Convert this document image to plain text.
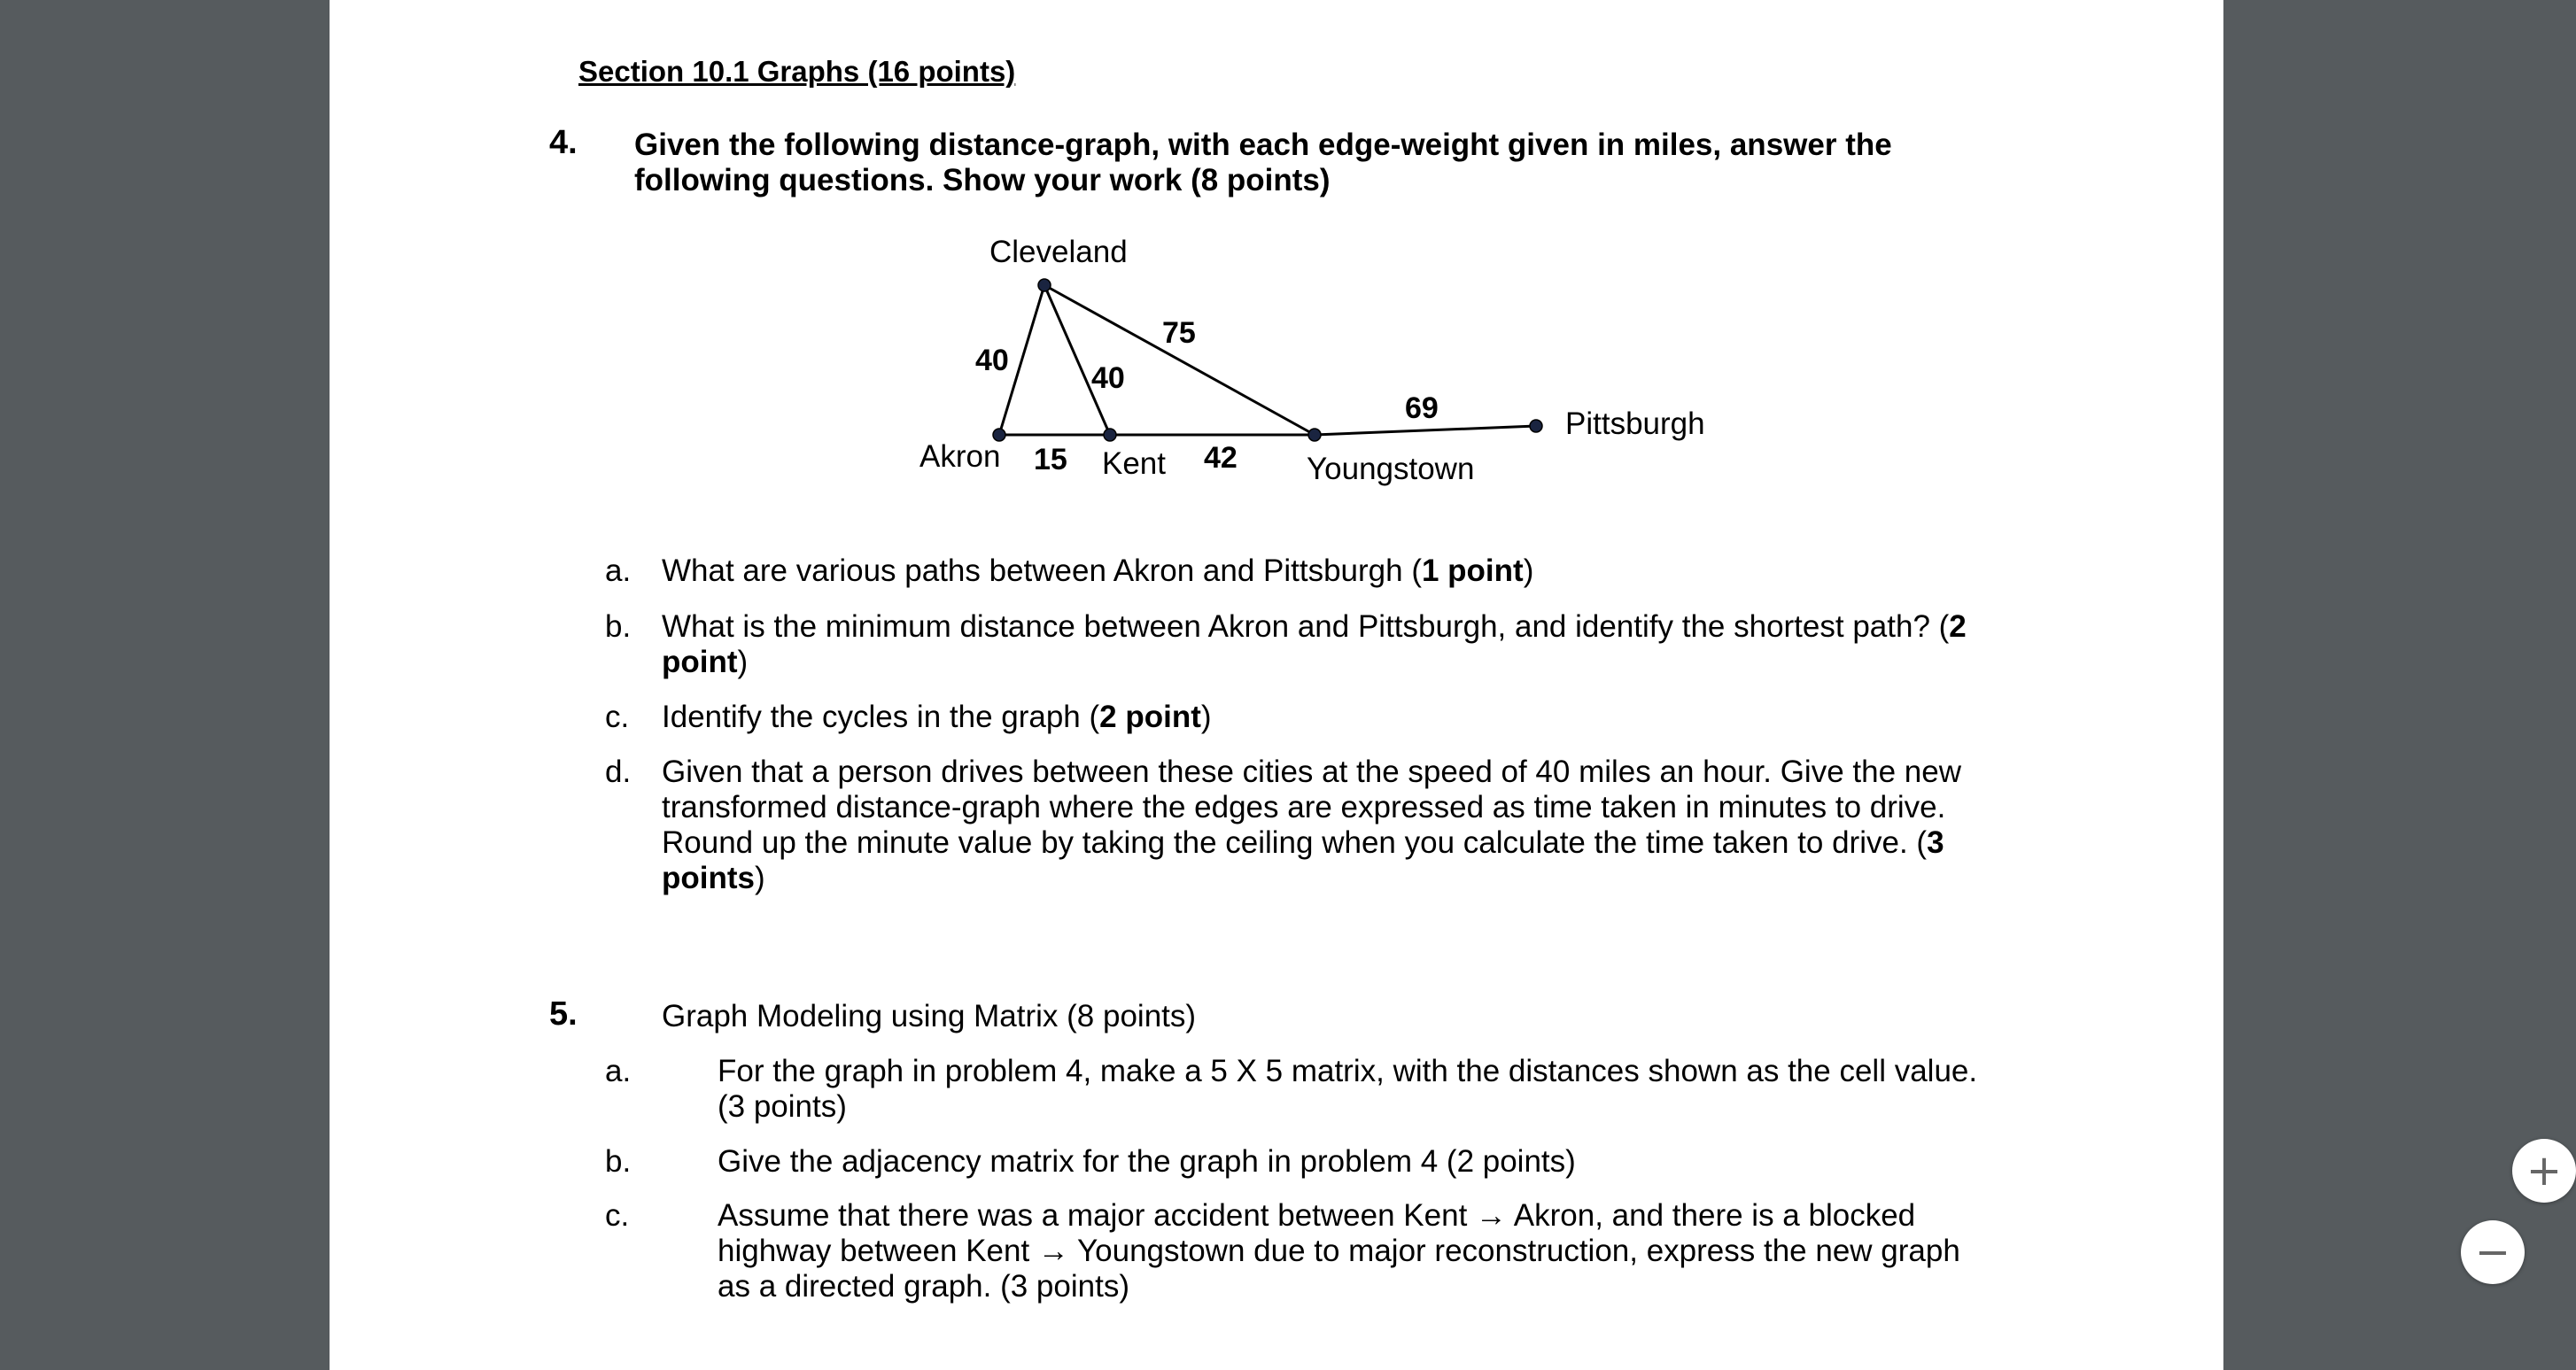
Section 10.1 Graphs (16 points)
4. Given the following distance-graph, with each edge-weight given in miles, answer the
following questions. Show your work (8 points)
Cleveland
Akron	Kent	Youngstown
Pittsburgh
40
40
75
15	42
69
a. What are various paths between Akron and Pittsburgh (1 point)
b. What is the minimum distance between Akron and Pittsburgh, and identify the shortest path? (2
point)
c. Identify the cycles in the graph (2 point)
d. Given that a person drives between these cities at the speed of 40 miles an hour. Give the new
transformed distance-graph where the edges are expressed as time taken in minutes to drive.
Round up the minute value by taking the ceiling when you calculate the time taken to drive. (3
points)
5.	Graph Modeling using Matrix (8 points)
a.	For the graph in problem 4, make a 5 X 5 matrix, with the distances shown as the cell value.
(3 points)
b.	Give the adjacency matrix for the graph in problem 4 (2 points)
c.	Assume that there was a major accident between Kent → Akron, and there is a blocked
highway between Kent → Youngstown due to major reconstruction, express the new graph
as a directed graph. (3 points)
+
−
